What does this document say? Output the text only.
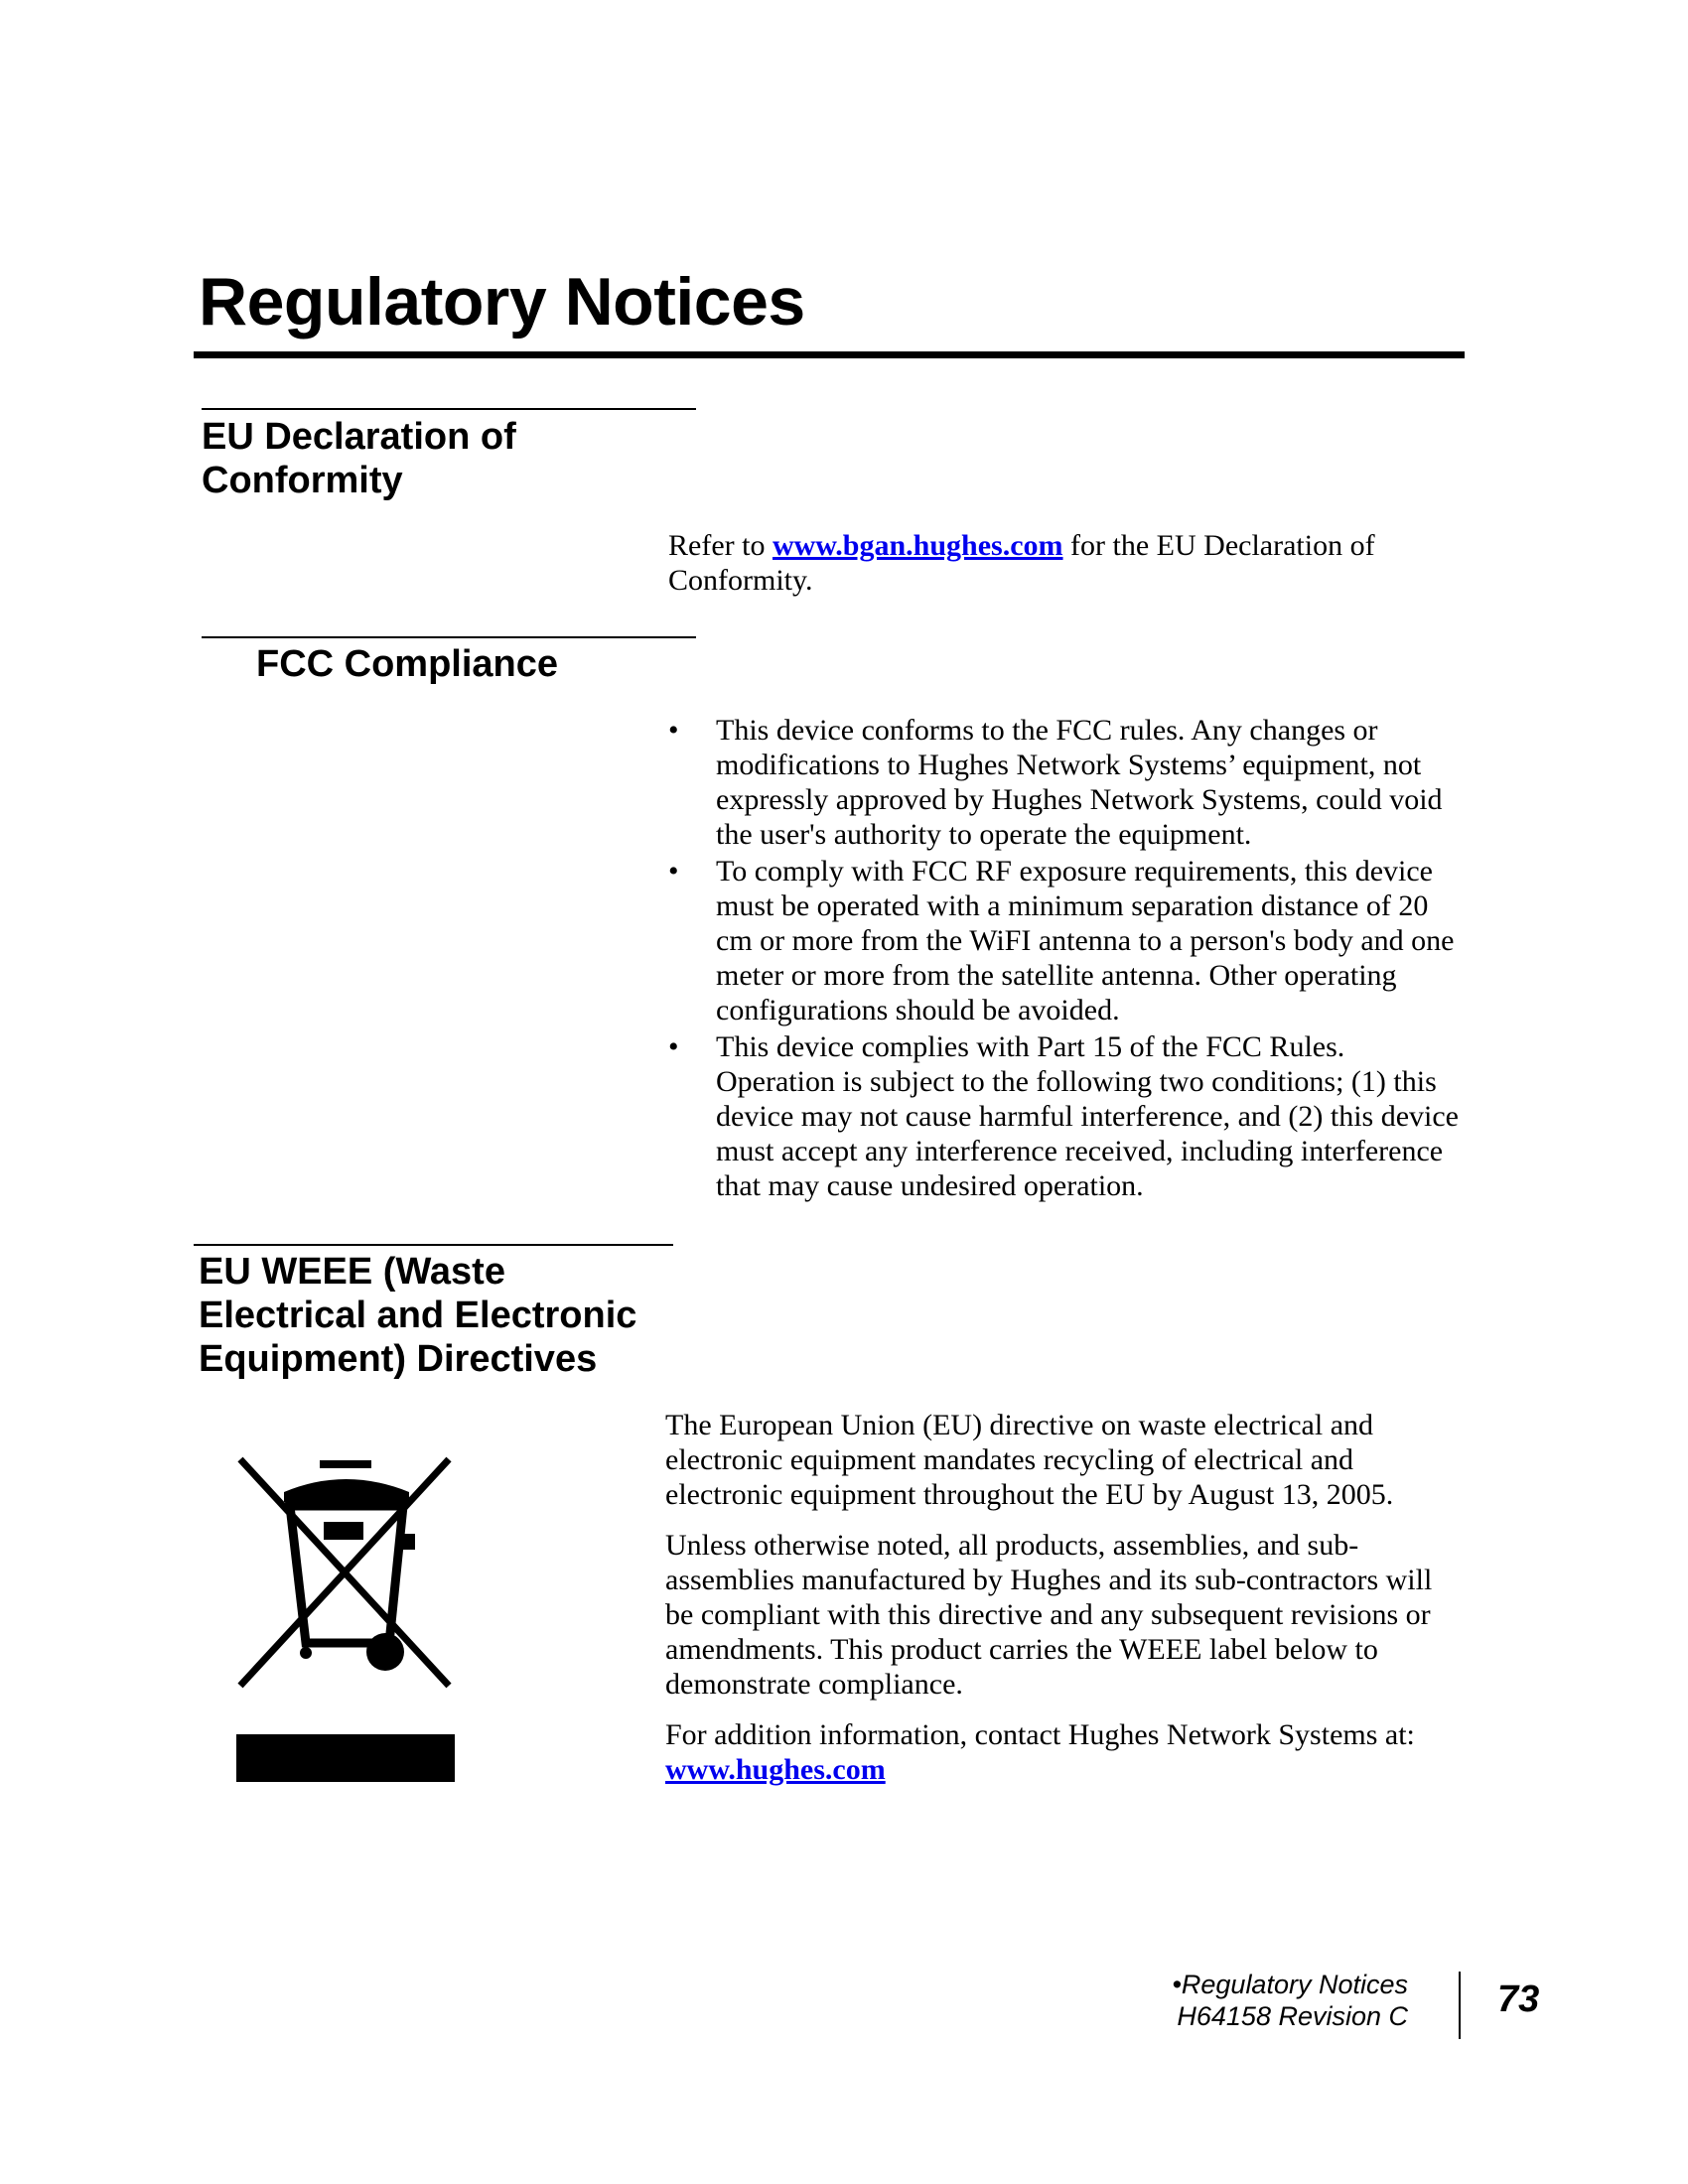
Regulatory Notices
EU Declaration of
Conformity
Refer to www.bgan.hughes.com for the EU Declaration of Conformity.
FCC Compliance
• This device conforms to the FCC rules. Any changes or modifications to Hughes Network Systems’ equipment, not expressly approved by Hughes Network Systems, could void the user's authority to operate the equipment.
• To comply with FCC RF exposure requirements, this device must be operated with a minimum separation distance of 20 cm or more from the WiFI antenna to a person's body and one meter or more from the satellite antenna. Other operating configurations should be avoided.
• This device complies with Part 15 of the FCC Rules. Operation is subject to the following two conditions; (1) this device may not cause harmful interference, and (2) this device must accept any interference received, including interference that may cause undesired operation.
EU WEEE (Waste
Electrical and Electronic
Equipment) Directives

The European Union (EU) directive on waste electrical and electronic equipment mandates recycling of electrical and electronic equipment throughout the EU by August 13, 2005.

Unless otherwise noted, all products, assemblies, and sub-assemblies manufactured by Hughes and its sub-contractors will be compliant with this directive and any subsequent revisions or amendments. This product carries the WEEE label below to demonstrate compliance.

For addition information, contact Hughes Network Systems at:
www.hughes.com

•Regulatory Notices
H64158 Revision C 73
